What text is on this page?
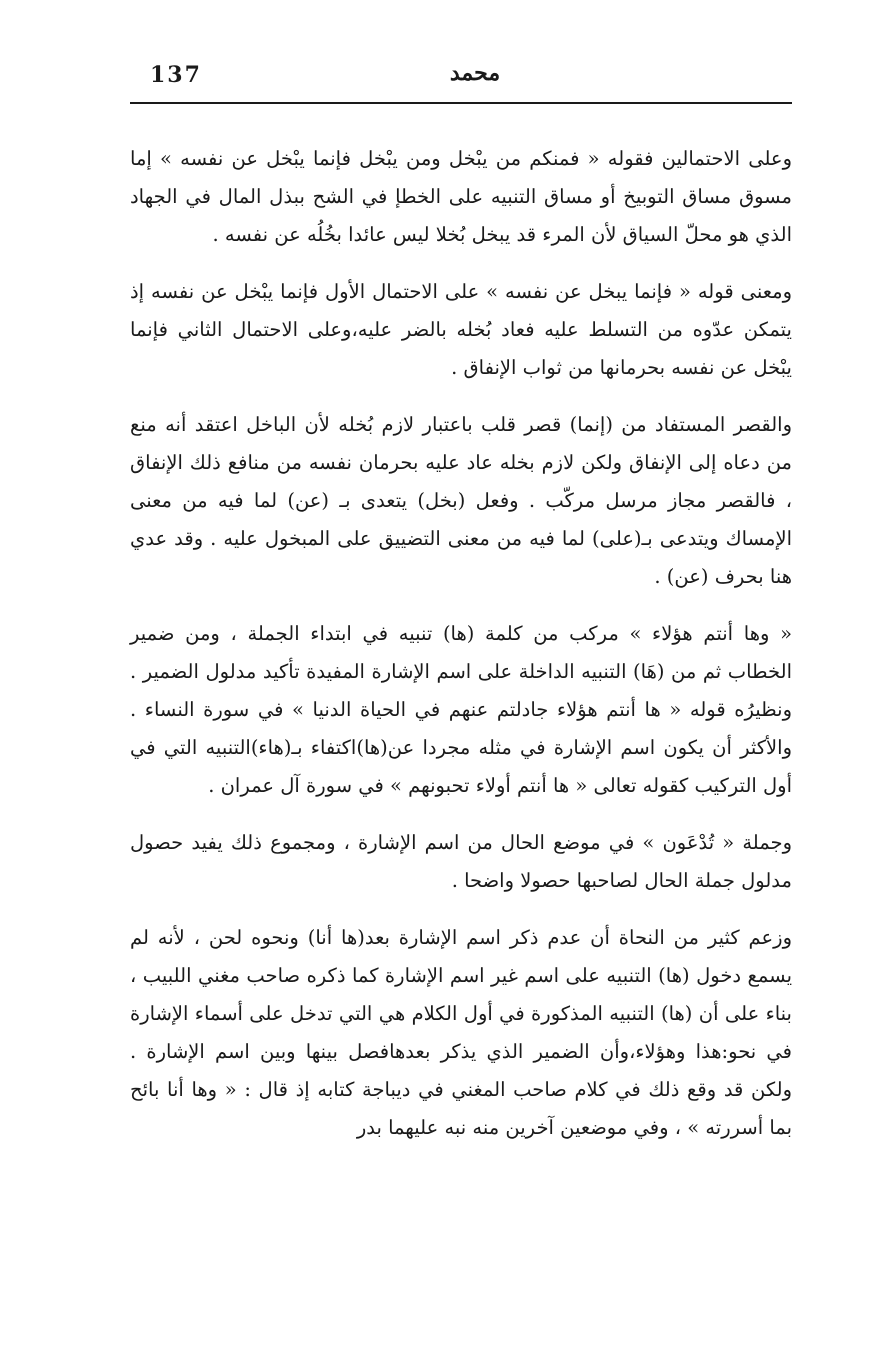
137	محمد

وعلى الاحتمالين فقوله « فمنكم من يبْخل ومن يبْخل فإنما يبْخل عن نفسه » إما مسوق مساق التوبيخ أو مساق التنبيه على الخطإ في الشح ببذل المال في الجهاد الذي هو محلّ السياق لأن المرء قد يبخل بُخلا ليس عائدا بخُلُه عن نفسه .

ومعنى قوله « فإنما يبخل عن نفسه » على الاحتمال الأول فإنما يبْخل عن نفسه إذ يتمكن عدّوه من التسلط عليه فعاد بُخله بالضر عليه،وعلى الاحتمال الثاني فإنما يبْخل عن نفسه بحرمانها من ثواب الإنفاق .

والقصر المستفاد من (إنما) قصر قلب باعتبار لازم بُخله لأن الباخل اعتقد أنه منع من دعاه إلى الإنفاق ولكن لازم بخله عاد عليه بحرمان نفسه من منافع ذلك الإنفاق ، فالقصر مجاز مرسل مركّب . وفعل (بخل) يتعدى بـ (عن) لما فيه من معنى الإمساك ويتدعى بـ(على) لما فيه من معنى التضييق على المبخول عليه . وقد عدي هنا بحرف (عن) .

« وها أنتم هؤلاء » مركب من كلمة (ها) تنبيه في ابتداء الجملة ، ومن ضمير الخطاب ثم من (هَا) التنبيه الداخلة على اسم الإشارة المفيدة تأكيد مدلول الضمير . ونظيرُه قوله « ها أنتم هؤلاء جادلتم عنهم في الحياة الدنيا » في سورة النساء . والأكثر أن يكون اسم الإشارة في مثله مجردا عن(ها)اكتفاء بـ(هاء)التنبيه التي في أول التركيب كقوله تعالى « ها أنتم أولاء تحبونهم » في سورة آل عمران .

وجملة « تُدْعَون » في موضع الحال من اسم الإشارة ، ومجموع ذلك يفيد حصول مدلول جملة الحال لصاحبها حصولا واضحا .

وزعم كثير من النحاة أن عدم ذكر اسم الإشارة بعد(ها أنا) ونحوه لحن ، لأنه لم يسمع دخول (ها) التنبيه على اسم غير اسم الإشارة كما ذكره صاحب مغني اللبيب ، بناء على أن (ها) التنبيه المذكورة في أول الكلام هي التي تدخل على أسماء الإشارة في نحو:هذا وهؤلاء،وأن الضمير الذي يذكر بعدهافصل بينها وبين اسم الإشارة . ولكن قد وقع ذلك في كلام صاحب المغني في ديباجة كتابه إذ قال : « وها أنا بائح بما أسررته » ، وفي موضعين آخرين منه نبه عليهما بدر
